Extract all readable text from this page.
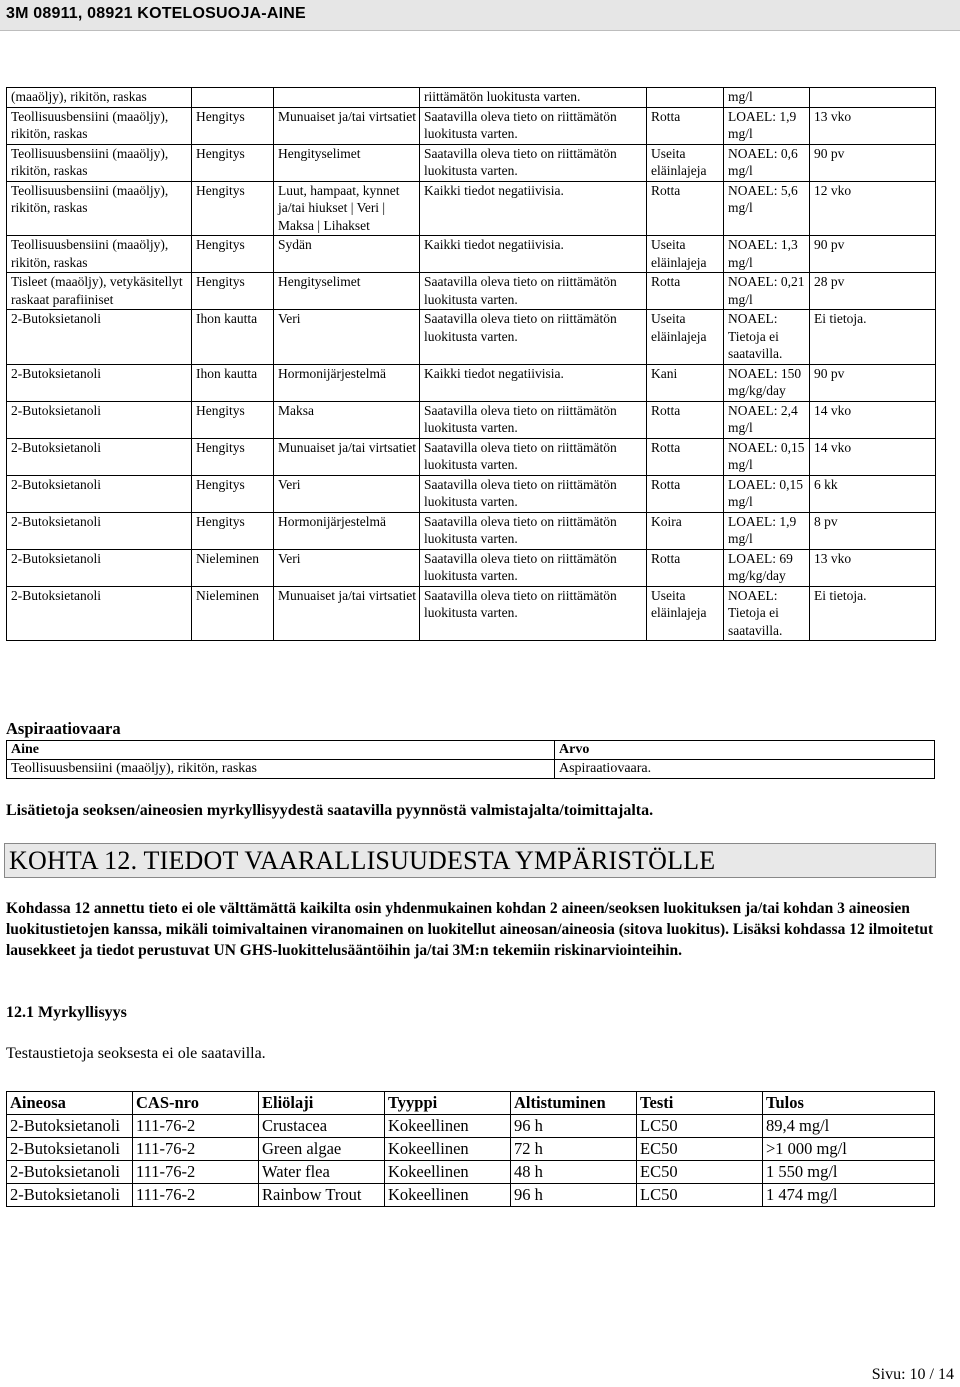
3M 08911, 08921 KOTELOSUOJA-AINE
(maaöljy), rikitön, raskas			riittämätön luokitusta varten.		mg/l	
Teollisuusbensiini (maaöljy), rikitön, raskas	Hengitys	Munuaiset ja/tai virtsatiet	Saatavilla oleva tieto on riittämätön luokitusta varten.	Rotta	LOAEL: 1,9 mg/l	13 vko
Teollisuusbensiini (maaöljy), rikitön, raskas	Hengitys	Hengityselimet	Saatavilla oleva tieto on riittämätön luokitusta varten.	Useita eläinlajeja	NOAEL: 0,6 mg/l	90 pv
Teollisuusbensiini (maaöljy), rikitön, raskas	Hengitys	Luut, hampaat, kynnet ja/tai hiukset | Veri | Maksa | Lihakset	Kaikki tiedot negatiivisia.	Rotta	NOAEL: 5,6 mg/l	12 vko
Teollisuusbensiini (maaöljy), rikitön, raskas	Hengitys	Sydän	Kaikki tiedot negatiivisia.	Useita eläinlajeja	NOAEL: 1,3 mg/l	90 pv
Tisleet (maaöljy), vetykäsitellyt raskaat parafiiniset	Hengitys	Hengityselimet	Saatavilla oleva tieto on riittämätön luokitusta varten.	Rotta	NOAEL: 0,21 mg/l	28 pv
2-Butoksietanoli	Ihon kautta	Veri	Saatavilla oleva tieto on riittämätön luokitusta varten.	Useita eläinlajeja	NOAEL: Tietoja ei saatavilla.	Ei tietoja.
2-Butoksietanoli	Ihon kautta	Hormonijärjestelmä	Kaikki tiedot negatiivisia.	Kani	NOAEL: 150 mg/kg/day	90 pv
2-Butoksietanoli	Hengitys	Maksa	Saatavilla oleva tieto on riittämätön luokitusta varten.	Rotta	NOAEL: 2,4 mg/l	14 vko
2-Butoksietanoli	Hengitys	Munuaiset ja/tai virtsatiet	Saatavilla oleva tieto on riittämätön luokitusta varten.	Rotta	NOAEL: 0,15 mg/l	14 vko
2-Butoksietanoli	Hengitys	Veri	Saatavilla oleva tieto on riittämätön luokitusta varten.	Rotta	LOAEL: 0,15 mg/l	6 kk
2-Butoksietanoli	Hengitys	Hormonijärjestelmä	Saatavilla oleva tieto on riittämätön luokitusta varten.	Koira	LOAEL: 1,9 mg/l	8 pv
2-Butoksietanoli	Nieleminen	Veri	Saatavilla oleva tieto on riittämätön luokitusta varten.	Rotta	LOAEL: 69 mg/kg/day	13 vko
2-Butoksietanoli	Nieleminen	Munuaiset ja/tai virtsatiet	Saatavilla oleva tieto on riittämätön luokitusta varten.	Useita eläinlajeja	NOAEL: Tietoja ei saatavilla.	Ei tietoja.
Aspiraatiovaara
Aine	Arvo
Teollisuusbensiini (maaöljy), rikitön, raskas	Aspiraatiovaara.
Lisätietoja seoksen/aineosien myrkyllisyydestä saatavilla pyynnöstä valmistajalta/toimittajalta.
KOHTA 12. TIEDOT VAARALLISUUDESTA YMPÄRISTÖLLE
Kohdassa 12 annettu tieto ei ole välttämättä kaikilta osin yhdenmukainen kohdan 2 aineen/seoksen luokituksen ja/tai kohdan 3 aineosien luokitustietojen kanssa, mikäli toimivaltainen viranomainen on luokitellut aineosan/aineosia (sitova luokitus). Lisäksi kohdassa 12 ilmoitetut lausekkeet ja tiedot perustuvat UN GHS-luokittelusääntöihin ja/tai 3M:n tekemiin riskinarviointeihin.
12.1 Myrkyllisyys
Testaustietoja seoksesta ei ole saatavilla.
Aineosa	CAS-nro	Eliölaji	Tyyppi	Altistuminen	Testi	Tulos
2-Butoksietanoli	111-76-2	Crustacea	Kokeellinen	96 h	LC50	89,4 mg/l
2-Butoksietanoli	111-76-2	Green algae	Kokeellinen	72 h	EC50	>1 000 mg/l
2-Butoksietanoli	111-76-2	Water flea	Kokeellinen	48 h	EC50	1 550 mg/l
2-Butoksietanoli	111-76-2	Rainbow Trout	Kokeellinen	96 h	LC50	1 474 mg/l
Sivu: 10 / 14
